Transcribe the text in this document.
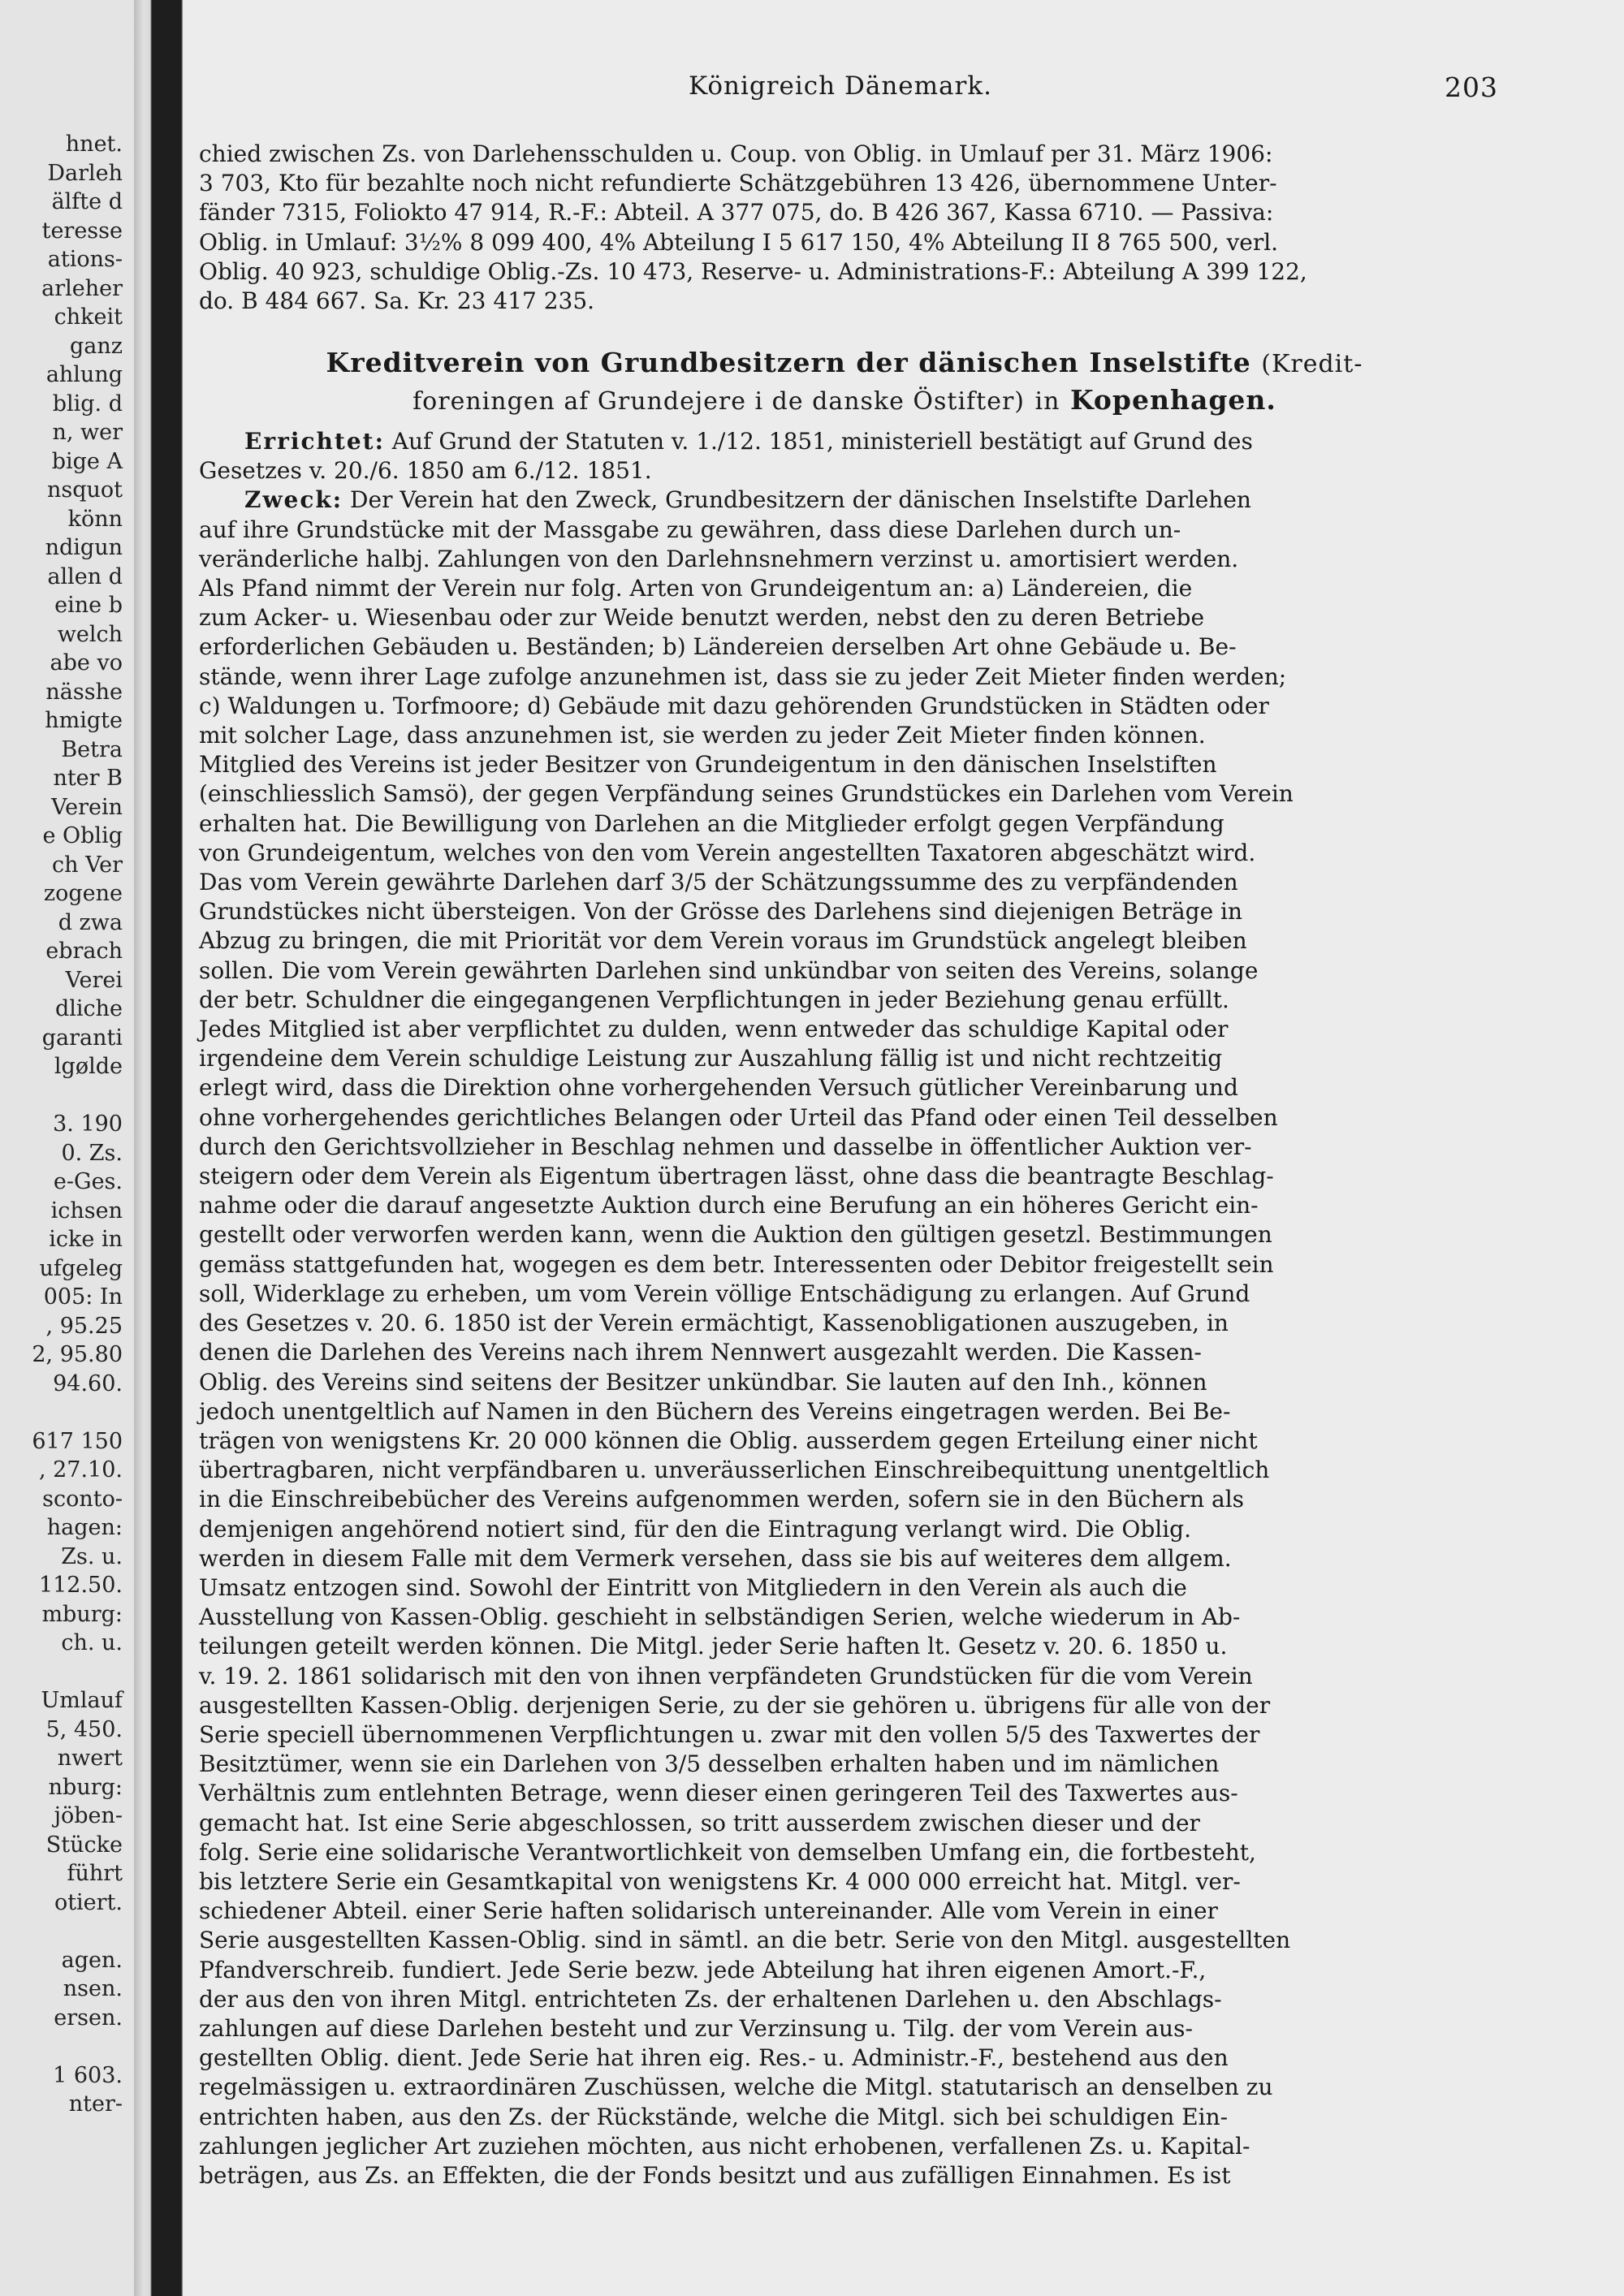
hnet.
Darleh
älfte d
teresse
ations-
arleher
chkeit
ganz
ahlung
blig. d
n, wer
bige A
nsquot
könn
ndigun
allen d
eine b
welch
abe vo
nässhe
hmigte
Betra
nter B
Verein
e Oblig
ch Ver
zogene
d zwa
ebrach
Verei
dliche
garanti
lgølde
3. 190
0. Zs.
e-Ges.
ichsen
icke in
ufgeleg
005: In
, 95.25
2, 95.80
94.60.
617 150
, 27.10.
sconto-
hagen:
Zs. u.
112.50.
mburg:
ch. u.
Umlauf
5, 450.
nwert
nburg:
jöben-
Stücke
führt
otiert.
agen.
nsen.
ersen.
1 603.
nter-
Königreich Dänemark.	203
chied zwischen Zs. von Darlehensschulden u. Coup. von Oblig. in Umlauf per 31. März 1906:
3 703, Kto für bezahlte noch nicht refundierte Schätzgebühren 13 426, übernommene Unter-
fänder 7315, Foliokto 47 914, R.-F.: Abteil. A 377 075, do. B 426 367, Kassa 6710. — Passiva:
Oblig. in Umlauf: 3½% 8 099 400, 4% Abteilung I 5 617 150, 4% Abteilung II 8 765 500, verl.
Oblig. 40 923, schuldige Oblig.-Zs. 10 473, Reserve- u. Administrations-F.: Abteilung A 399 122,
do. B 484 667. Sa. Kr. 23 417 235.
Kreditverein von Grundbesitzern der dänischen Inselstifte (Kredit-
foreningen af Grundejere i de danske Östifter) in Kopenhagen.
  Errichtet: Auf Grund der Statuten v. 1./12. 1851, ministeriell bestätigt auf Grund des
Gesetzes v. 20./6. 1850 am 6./12. 1851.
  Zweck: Der Verein hat den Zweck, Grundbesitzern der dänischen Inselstifte Darlehen
auf ihre Grundstücke mit der Massgabe zu gewähren, dass diese Darlehen durch un-
veränderliche halbj. Zahlungen von den Darlehnsnehmern verzinst u. amortisiert werden.
Als Pfand nimmt der Verein nur folg. Arten von Grundeigentum an: a) Ländereien, die
zum Acker- u. Wiesenbau oder zur Weide benutzt werden, nebst den zu deren Betriebe
erforderlichen Gebäuden u. Beständen; b) Ländereien derselben Art ohne Gebäude u. Be-
stände, wenn ihrer Lage zufolge anzunehmen ist, dass sie zu jeder Zeit Mieter finden werden;
c) Waldungen u. Torfmoore; d) Gebäude mit dazu gehörenden Grundstücken in Städten oder
mit solcher Lage, dass anzunehmen ist, sie werden zu jeder Zeit Mieter finden können.
Mitglied des Vereins ist jeder Besitzer von Grundeigentum in den dänischen Inselstiften
(einschliesslich Samsö), der gegen Verpfändung seines Grundstückes ein Darlehen vom Verein
erhalten hat. Die Bewilligung von Darlehen an die Mitglieder erfolgt gegen Verpfändung
von Grundeigentum, welches von den vom Verein angestellten Taxatoren abgeschätzt wird.
Das vom Verein gewährte Darlehen darf 3/5 der Schätzungssumme des zu verpfändenden
Grundstückes nicht übersteigen. Von der Grösse des Darlehens sind diejenigen Beträge in
Abzug zu bringen, die mit Priorität vor dem Verein voraus im Grundstück angelegt bleiben
sollen. Die vom Verein gewährten Darlehen sind unkündbar von seiten des Vereins, solange
der betr. Schuldner die eingegangenen Verpflichtungen in jeder Beziehung genau erfüllt.
Jedes Mitglied ist aber verpflichtet zu dulden, wenn entweder das schuldige Kapital oder
irgendeine dem Verein schuldige Leistung zur Auszahlung fällig ist und nicht rechtzeitig
erlegt wird, dass die Direktion ohne vorhergehenden Versuch gütlicher Vereinbarung und
ohne vorhergehendes gerichtliches Belangen oder Urteil das Pfand oder einen Teil desselben
durch den Gerichtsvollzieher in Beschlag nehmen und dasselbe in öffentlicher Auktion ver-
steigern oder dem Verein als Eigentum übertragen lässt, ohne dass die beantragte Beschlag-
nahme oder die darauf angesetzte Auktion durch eine Berufung an ein höheres Gericht ein-
gestellt oder verworfen werden kann, wenn die Auktion den gültigen gesetzl. Bestimmungen
gemäss stattgefunden hat, wogegen es dem betr. Interessenten oder Debitor freigestellt sein
soll, Widerklage zu erheben, um vom Verein völlige Entschädigung zu erlangen. Auf Grund
des Gesetzes v. 20. 6. 1850 ist der Verein ermächtigt, Kassenobligationen auszugeben, in
denen die Darlehen des Vereins nach ihrem Nennwert ausgezahlt werden. Die Kassen-
Oblig. des Vereins sind seitens der Besitzer unkündbar. Sie lauten auf den Inh., können
jedoch unentgeltlich auf Namen in den Büchern des Vereins eingetragen werden. Bei Be-
trägen von wenigstens Kr. 20 000 können die Oblig. ausserdem gegen Erteilung einer nicht
übertragbaren, nicht verpfändbaren u. unveräusserlichen Einschreibequittung unentgeltlich
in die Einschreibebücher des Vereins aufgenommen werden, sofern sie in den Büchern als
demjenigen angehörend notiert sind, für den die Eintragung verlangt wird. Die Oblig.
werden in diesem Falle mit dem Vermerk versehen, dass sie bis auf weiteres dem allgem.
Umsatz entzogen sind. Sowohl der Eintritt von Mitgliedern in den Verein als auch die
Ausstellung von Kassen-Oblig. geschieht in selbständigen Serien, welche wiederum in Ab-
teilungen geteilt werden können. Die Mitgl. jeder Serie haften lt. Gesetz v. 20. 6. 1850 u.
v. 19. 2. 1861 solidarisch mit den von ihnen verpfändeten Grundstücken für die vom Verein
ausgestellten Kassen-Oblig. derjenigen Serie, zu der sie gehören u. übrigens für alle von der
Serie speciell übernommenen Verpflichtungen u. zwar mit den vollen 5/5 des Taxwertes der
Besitztümer, wenn sie ein Darlehen von 3/5 desselben erhalten haben und im nämlichen
Verhältnis zum entlehnten Betrage, wenn dieser einen geringeren Teil des Taxwertes aus-
gemacht hat. Ist eine Serie abgeschlossen, so tritt ausserdem zwischen dieser und der
folg. Serie eine solidarische Verantwortlichkeit von demselben Umfang ein, die fortbesteht,
bis letztere Serie ein Gesamtkapital von wenigstens Kr. 4 000 000 erreicht hat. Mitgl. ver-
schiedener Abteil. einer Serie haften solidarisch untereinander. Alle vom Verein in einer
Serie ausgestellten Kassen-Oblig. sind in sämtl. an die betr. Serie von den Mitgl. ausgestellten
Pfandverschreib. fundiert. Jede Serie bezw. jede Abteilung hat ihren eigenen Amort.-F.,
der aus den von ihren Mitgl. entrichteten Zs. der erhaltenen Darlehen u. den Abschlags-
zahlungen auf diese Darlehen besteht und zur Verzinsung u. Tilg. der vom Verein aus-
gestellten Oblig. dient. Jede Serie hat ihren eig. Res.- u. Administr.-F., bestehend aus den
regelmässigen u. extraordinären Zuschüssen, welche die Mitgl. statutarisch an denselben zu
entrichten haben, aus den Zs. der Rückstände, welche die Mitgl. sich bei schuldigen Ein-
zahlungen jeglicher Art zuziehen möchten, aus nicht erhobenen, verfallenen Zs. u. Kapital-
beträgen, aus Zs. an Effekten, die der Fonds besitzt und aus zufälligen Einnahmen. Es ist
